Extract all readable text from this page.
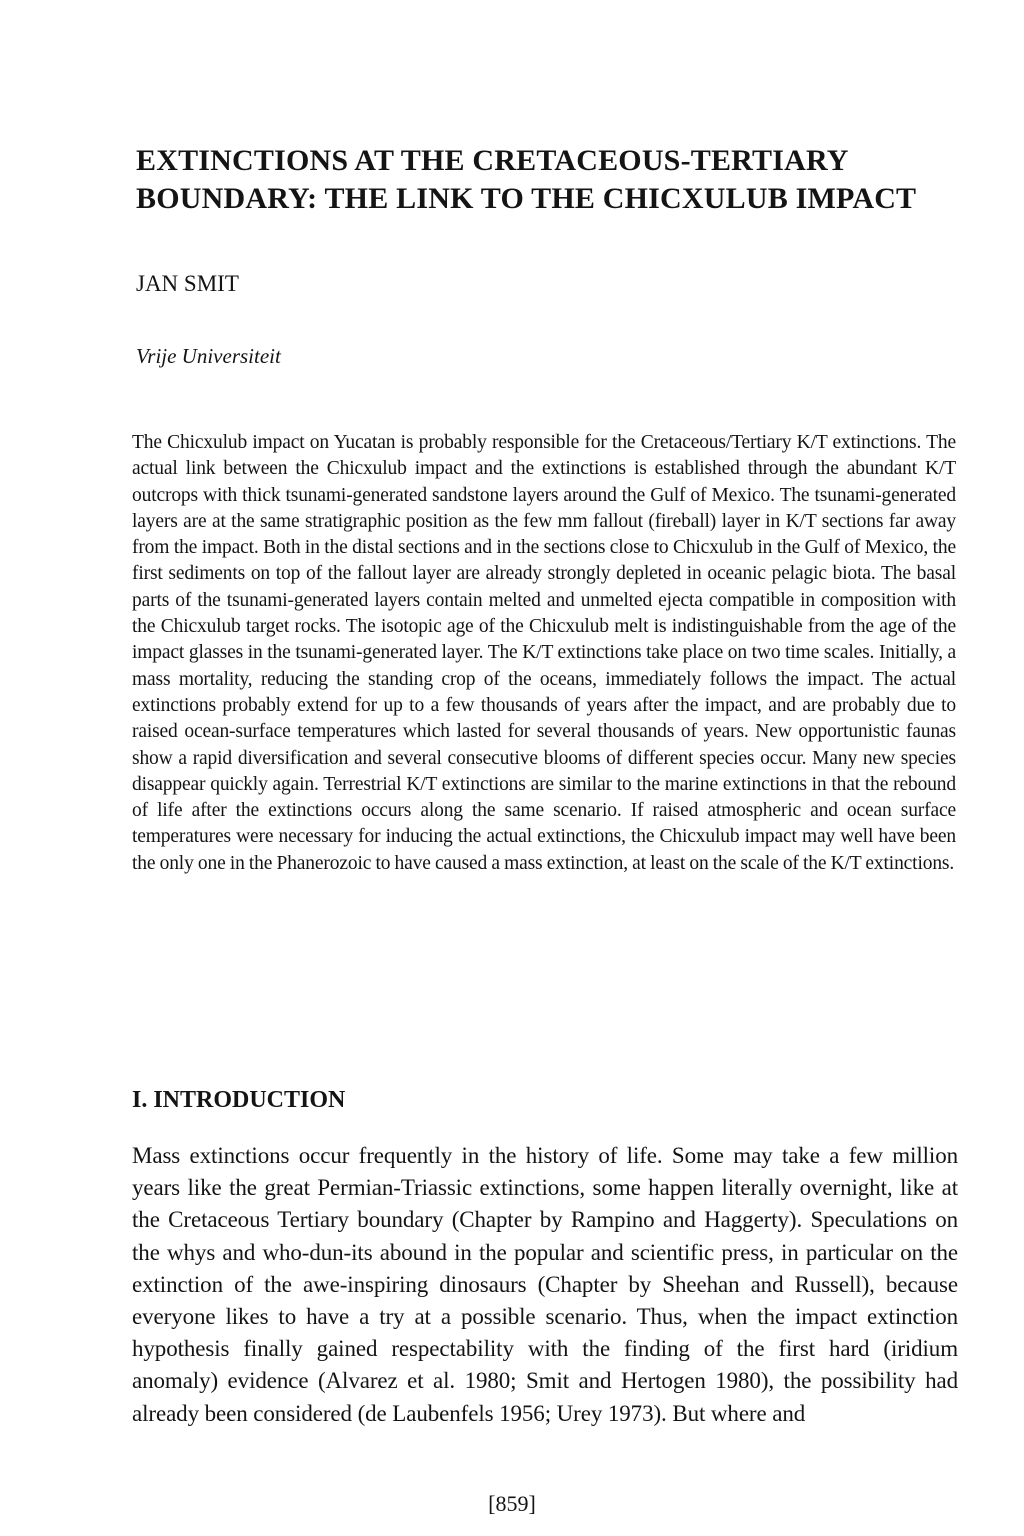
EXTINCTIONS AT THE CRETACEOUS-TERTIARY
BOUNDARY: THE LINK TO THE CHICXULUB IMPACT
JAN SMIT
Vrije Universiteit

The Chicxulub impact on Yucatan is probably responsible for the Cretaceous/Tertiary K/T extinctions. The actual link between the Chicxulub impact and the extinctions is established through the abundant K/T outcrops with thick tsunami-generated sandstone layers around the Gulf of Mexico. The tsunami-generated layers are at the same stratigraphic position as the few mm fallout (fireball) layer in K/T sections far away from the impact. Both in the distal sections and in the sections close to Chicxulub in the Gulf of Mexico, the first sediments on top of the fallout layer are already strongly depleted in oceanic pelagic biota. The basal parts of the tsunami-generated layers contain melted and unmelted ejecta compatible in composition with the Chicxulub target rocks. The isotopic age of the Chicxulub melt is indistinguishable from the age of the impact glasses in the tsunami-generated layer. The K/T extinctions take place on two time scales. Initially, a mass mortality, reducing the standing crop of the oceans, immediately follows the impact. The actual extinctions probably extend for up to a few thousands of years after the impact, and are probably due to raised ocean-surface temperatures which lasted for several thousands of years. New opportunistic faunas show a rapid diversification and several consecutive blooms of different species occur. Many new species disappear quickly again. Terrestrial K/T extinctions are similar to the marine extinctions in that the rebound of life after the extinctions occurs along the same scenario. If raised atmospheric and ocean surface temperatures were necessary for inducing the actual extinctions, the Chicxulub impact may well have been the only one in the Phanerozoic to have caused a mass extinction, at least on the scale of the K/T extinctions.

I. INTRODUCTION

Mass extinctions occur frequently in the history of life. Some may take a few million years like the great Permian-Triassic extinctions, some happen literally overnight, like at the Cretaceous Tertiary boundary (Chapter by Rampino and Haggerty). Speculations on the whys and who-dun-its abound in the popular and scientific press, in particular on the extinction of the awe-inspiring dinosaurs (Chapter by Sheehan and Russell), because everyone likes to have a try at a possible scenario. Thus, when the impact extinction hypothesis finally gained respectability with the finding of the first hard (iridium anomaly) evidence (Alvarez et al. 1980; Smit and Hertogen 1980), the possibility had already been considered (de Laubenfels 1956; Urey 1973). But where and

[859]
